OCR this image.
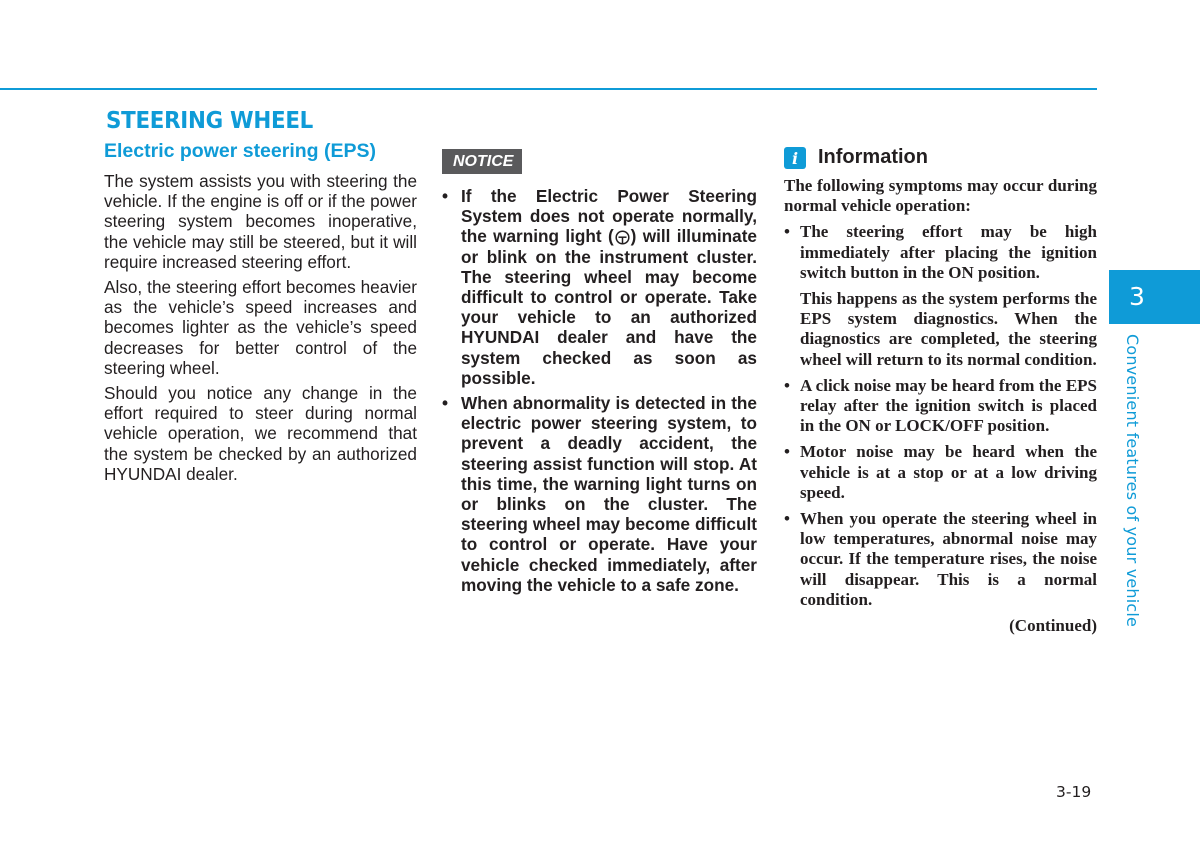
STEERING WHEEL
Electric power steering (EPS)

The system assists you with steering the vehicle. If the engine is off or if the power steering system becomes inoperative, the vehicle may still be steered, but it will require increased steering effort.

Also, the steering effort becomes heavier as the vehicle’s speed increases and becomes lighter as the vehicle’s speed decreases for better control of the steering wheel.

Should you notice any change in the effort required to steer during normal vehicle operation, we recommend that the system be checked by an authorized HYUNDAI dealer.

NOTICE
• If the Electric Power Steering System does not operate normally, the warning light ( ) will illuminate or blink on the instrument cluster. The steering wheel may become difficult to control or operate. Take your vehicle to an authorized HYUNDAI dealer and have the system checked as soon as possible.
• When abnormality is detected in the electric power steering system, to prevent a deadly accident, the steering assist function will stop. At this time, the warning light turns on or blinks on the cluster. The steering wheel may become difficult to control or operate. Have your vehicle checked immediately, after moving the vehicle to a safe zone.
i Information

The following symptoms may occur during normal vehicle operation:

• The steering effort may be high immediately after placing the ignition switch button in the ON position.
This happens as the system performs the EPS system diagnostics. When the diagnostics are completed, the steering wheel will return to its normal condition.
• A click noise may be heard from the EPS relay after the ignition switch is placed in the ON or LOCK/OFF position.
• Motor noise may be heard when the vehicle is at a stop or at a low driving speed.
• When you operate the steering wheel in low temperatures, abnormal noise may occur. If the temperature rises, the noise will disappear. This is a normal condition.
(Continued)
3
Convenient features of your vehicle
3-19
